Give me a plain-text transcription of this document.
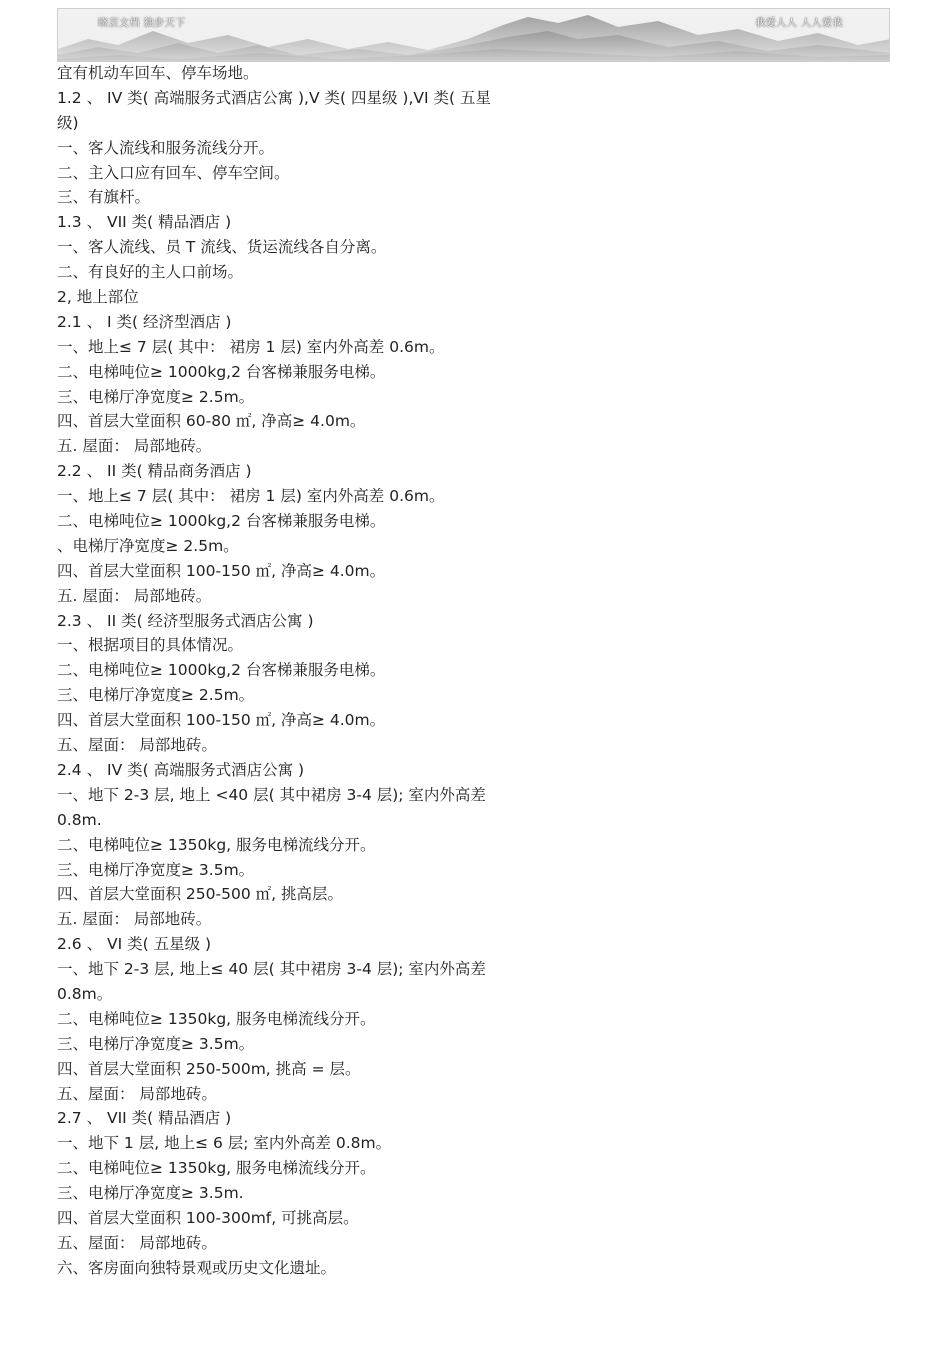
晓芸文档 独步天下	我爱人人 人人爱我
宜有机动车回车、停车场地。
1.2 、 IV 类( 高端服务式酒店公寓 ),V 类( 四星级 ),VI 类( 五星
级)
一、客人流线和服务流线分开。
二、主入口应有回车、停车空间。
三、有旗杆。
1.3 、 VII 类( 精品酒店 )
一、客人流线、员 T 流线、货运流线各自分离。
二、有良好的主人口前场。
2, 地上部位
2.1 、 I 类( 经济型酒店 )
一、地上≤ 7 层( 其中： 裙房 1 层) 室内外高差 0.6m。
二、电梯吨位≥ 1000kg,2 台客梯兼服务电梯。
三、电梯厅净宽度≥ 2.5m。
四、首层大堂面积 60-80 ㎡, 净高≥ 4.0m。
五. 屋面： 局部地砖。
2.2 、 II 类( 精品商务酒店 )
一、地上≤ 7 层( 其中： 裙房 1 层) 室内外高差 0.6m。
二、电梯吨位≥ 1000kg,2 台客梯兼服务电梯。
、电梯厅净宽度≥ 2.5m。
四、首层大堂面积 100-150 ㎡, 净高≥ 4.0m。
五. 屋面： 局部地砖。
2.3 、 II 类( 经济型服务式酒店公寓 )
一、根据项目的具体情况。
二、电梯吨位≥ 1000kg,2 台客梯兼服务电梯。
三、电梯厅净宽度≥ 2.5m。
四、首层大堂面积 100-150 ㎡, 净高≥ 4.0m。
五、屋面： 局部地砖。
2.4 、 IV 类( 高端服务式酒店公寓 )
一、地下 2-3 层, 地上 <40 层( 其中裙房 3-4 层); 室内外高差
0.8m.
二、电梯吨位≥ 1350kg, 服务电梯流线分开。
三、电梯厅净宽度≥ 3.5m。
四、首层大堂面积 250-500 ㎡, 挑高层。
五. 屋面： 局部地砖。
2.6 、 VI 类( 五星级 )
一、地下 2-3 层, 地上≤ 40 层( 其中裙房 3-4 层); 室内外高差
0.8m。
二、电梯吨位≥ 1350kg, 服务电梯流线分开。
三、电梯厅净宽度≥ 3.5m。
四、首层大堂面积 250-500m, 挑高 = 层。
五、屋面： 局部地砖。
2.7 、 VII 类( 精品酒店 )
一、地下 1 层, 地上≤ 6 层; 室内外高差 0.8m。
二、电梯吨位≥ 1350kg, 服务电梯流线分开。
三、电梯厅净宽度≥ 3.5m.
四、首层大堂面积 100-300mf, 可挑高层。
五、屋面： 局部地砖。
六、客房面向独特景观或历史文化遗址。
